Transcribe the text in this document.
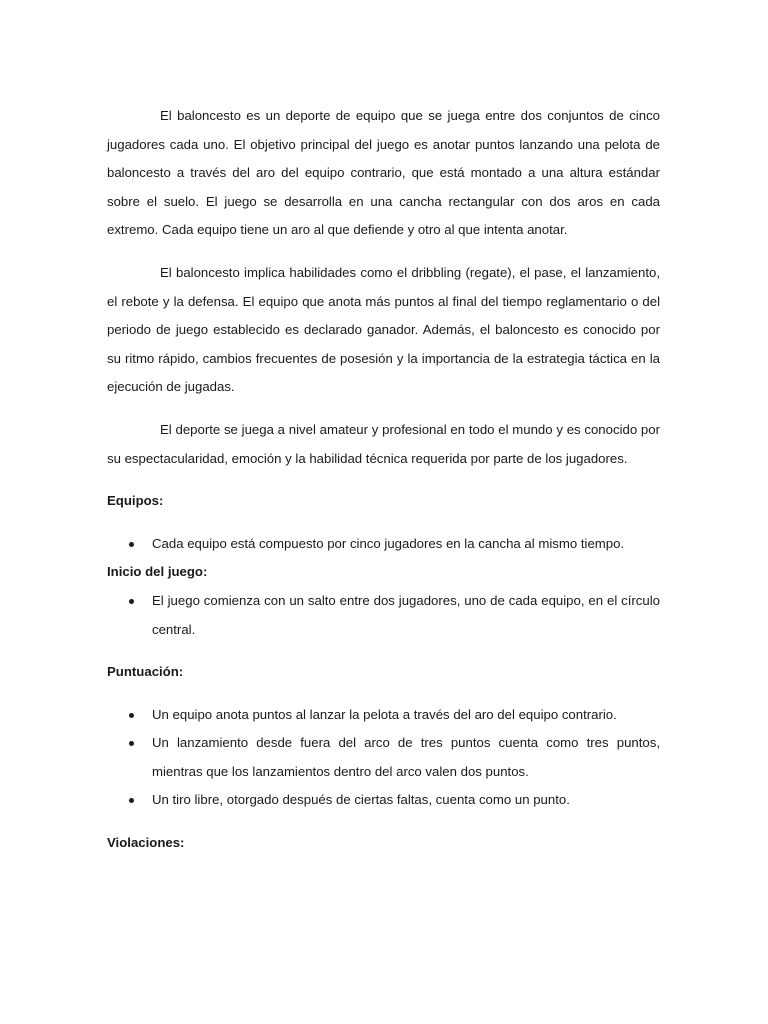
El baloncesto es un deporte de equipo que se juega entre dos conjuntos de cinco jugadores cada uno. El objetivo principal del juego es anotar puntos lanzando una pelota de baloncesto a través del aro del equipo contrario, que está montado a una altura estándar sobre el suelo. El juego se desarrolla en una cancha rectangular con dos aros en cada extremo. Cada equipo tiene un aro al que defiende y otro al que intenta anotar.

El baloncesto implica habilidades como el dribbling (regate), el pase, el lanzamiento, el rebote y la defensa. El equipo que anota más puntos al final del tiempo reglamentario o del periodo de juego establecido es declarado ganador. Además, el baloncesto es conocido por su ritmo rápido, cambios frecuentes de posesión y la importancia de la estrategia táctica en la ejecución de jugadas.

El deporte se juega a nivel amateur y profesional en todo el mundo y es conocido por su espectacularidad, emoción y la habilidad técnica requerida por parte de los jugadores.

Equipos:

Cada equipo está compuesto por cinco jugadores en la cancha al mismo tiempo.

Inicio del juego:

El juego comienza con un salto entre dos jugadores, uno de cada equipo, en el círculo central.

Puntuación:

Un equipo anota puntos al lanzar la pelota a través del aro del equipo contrario.
Un lanzamiento desde fuera del arco de tres puntos cuenta como tres puntos, mientras que los lanzamientos dentro del arco valen dos puntos.
Un tiro libre, otorgado después de ciertas faltas, cuenta como un punto.

Violaciones:
